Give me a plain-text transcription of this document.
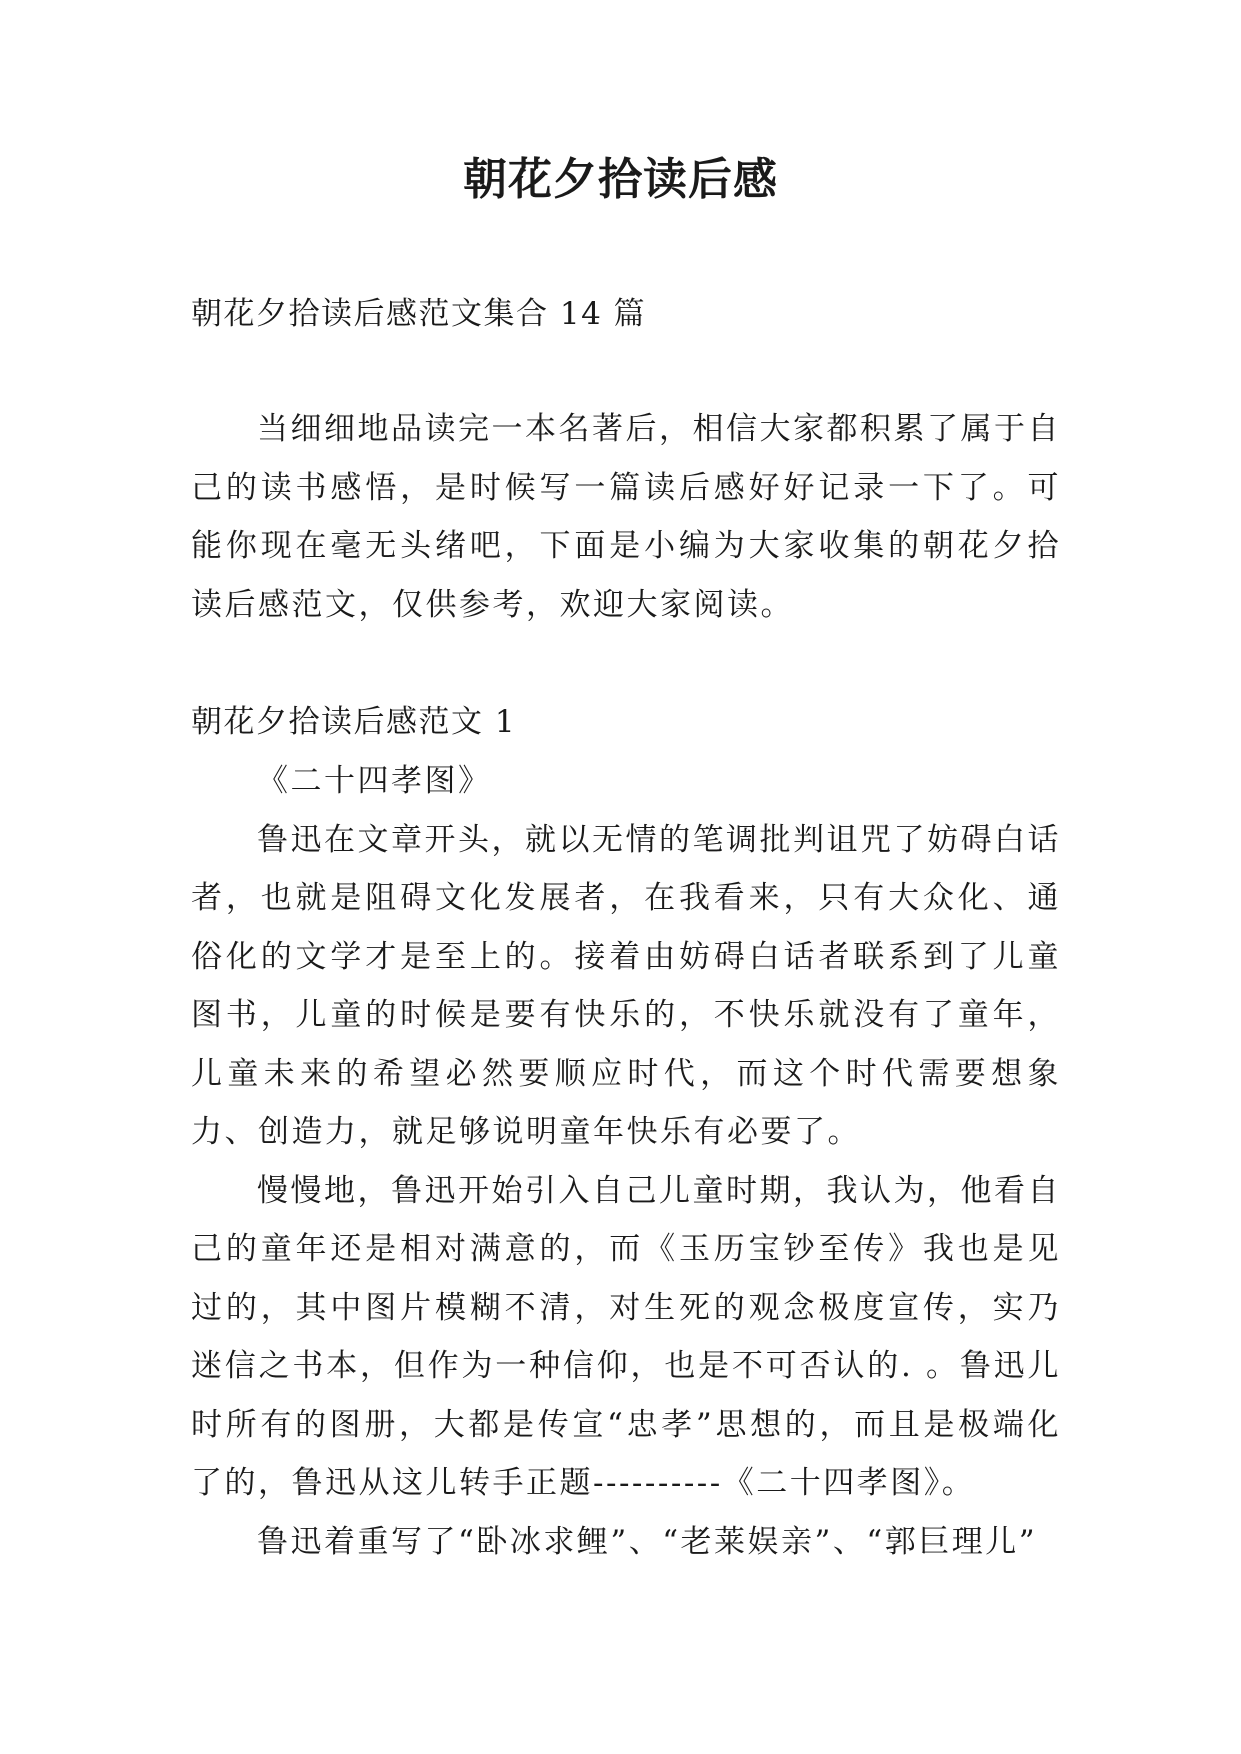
朝花夕拾读后感
朝花夕拾读后感范文集合 14 篇
当细细地品读完一本名著后，相信大家都积累了属于自己的读书感悟，是时候写一篇读后感好好记录一下了。可能你现在毫无头绪吧，下面是小编为大家收集的朝花夕拾读后感范文，仅供参考，欢迎大家阅读。
朝花夕拾读后感范文 1

《二十四孝图》

鲁迅在文章开头，就以无情的笔调批判诅咒了妨碍白话者，也就是阻碍文化发展者，在我看来，只有大众化、通俗化的文学才是至上的。接着由妨碍白话者联系到了儿童图书，儿童的时候是要有快乐的，不快乐就没有了童年，儿童未来的希望必然要顺应时代，而这个时代需要想象力、创造力，就足够说明童年快乐有必要了。

慢慢地，鲁迅开始引入自己儿童时期，我认为，他看自己的童年还是相对满意的，而《玉历宝钞至传》我也是见过的，其中图片模糊不清，对生死的观念极度宣传，实乃迷信之书本，但作为一种信仰，也是不可否认的. 。鲁迅儿时所有的图册，大都是传宣“忠孝”思想的，而且是极端化了的，鲁迅从这儿转手正题----------《二十四孝图》。

鲁迅着重写了“卧冰求鲤”、“老莱娱亲”、“郭巨理儿”
